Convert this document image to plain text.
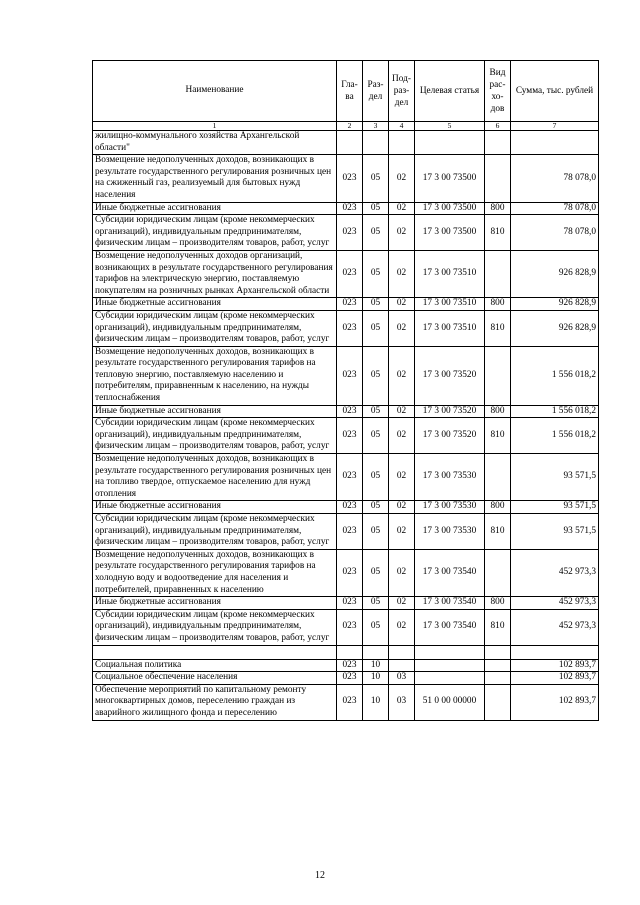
Наименование	Гла-ва	Раз-дел	Под-раз-дел	Целевая статья	Вид рас-хо-дов	Сумма, тыс. рублей
1	2	3	4	5	6	7
жилищно-коммунального хозяйства Архангельской области"						
Возмещение недополученных доходов, возникающих в результате государственного регулирования розничных цен на сжиженный газ, реализуемый для бытовых нужд населения	023	05	02	17 3 00 73500		78 078,0
Иные бюджетные ассигнования	023	05	02	17 3 00 73500	800	78 078,0
Субсидии юридическим лицам (кроме некоммерческих организаций), индивидуальным предпринимателям, физическим лицам – производителям товаров, работ, услуг	023	05	02	17 3 00 73500	810	78 078,0
Возмещение недополученных доходов организаций, возникающих в результате государственного регулирования тарифов на электрическую энергию, поставляемую покупателям на розничных рынках Архангельской области	023	05	02	17 3 00 73510		926 828,9
Иные бюджетные ассигнования	023	05	02	17 3 00 73510	800	926 828,9
Субсидии юридическим лицам (кроме некоммерческих организаций), индивидуальным предпринимателям, физическим лицам – производителям товаров, работ, услуг	023	05	02	17 3 00 73510	810	926 828,9
Возмещение недополученных доходов, возникающих в результате государственного регулирования тарифов на тепловую энергию, поставляемую населению и потребителям, приравненным к населению, на нужды теплоснабжения	023	05	02	17 3 00 73520		1 556 018,2
Иные бюджетные ассигнования	023	05	02	17 3 00 73520	800	1 556 018,2
Субсидии юридическим лицам (кроме некоммерческих организаций), индивидуальным предпринимателям, физическим лицам – производителям товаров, работ, услуг	023	05	02	17 3 00 73520	810	1 556 018,2
Возмещение недополученных доходов, возникающих в результате государственного регулирования розничных цен на топливо твердое, отпускаемое населению для нужд отопления	023	05	02	17 3 00 73530		93 571,5
Иные бюджетные ассигнования	023	05	02	17 3 00 73530	800	93 571,5
Субсидии юридическим лицам (кроме некоммерческих организаций), индивидуальным предпринимателям, физическим лицам – производителям товаров, работ, услуг	023	05	02	17 3 00 73530	810	93 571,5
Возмещение недополученных доходов, возникающих в результате государственного регулирования тарифов на холодную воду и водоотведение для населения и потребителей, приравненных к населению	023	05	02	17 3 00 73540		452 973,3
Иные бюджетные ассигнования	023	05	02	17 3 00 73540	800	452 973,3
Субсидии юридическим лицам (кроме некоммерческих организаций), индивидуальным предпринимателям, физическим лицам – производителям товаров, работ, услуг	023	05	02	17 3 00 73540	810	452 973,3

Социальная политика	023	10				102 893,7
Социальное обеспечение населения	023	10	03			102 893,7
Обеспечение мероприятий по капитальному ремонту многоквартирных домов, переселению граждан из аварийного жилищного фонда и переселению	023	10	03	51 0 00 00000		102 893,7
12
